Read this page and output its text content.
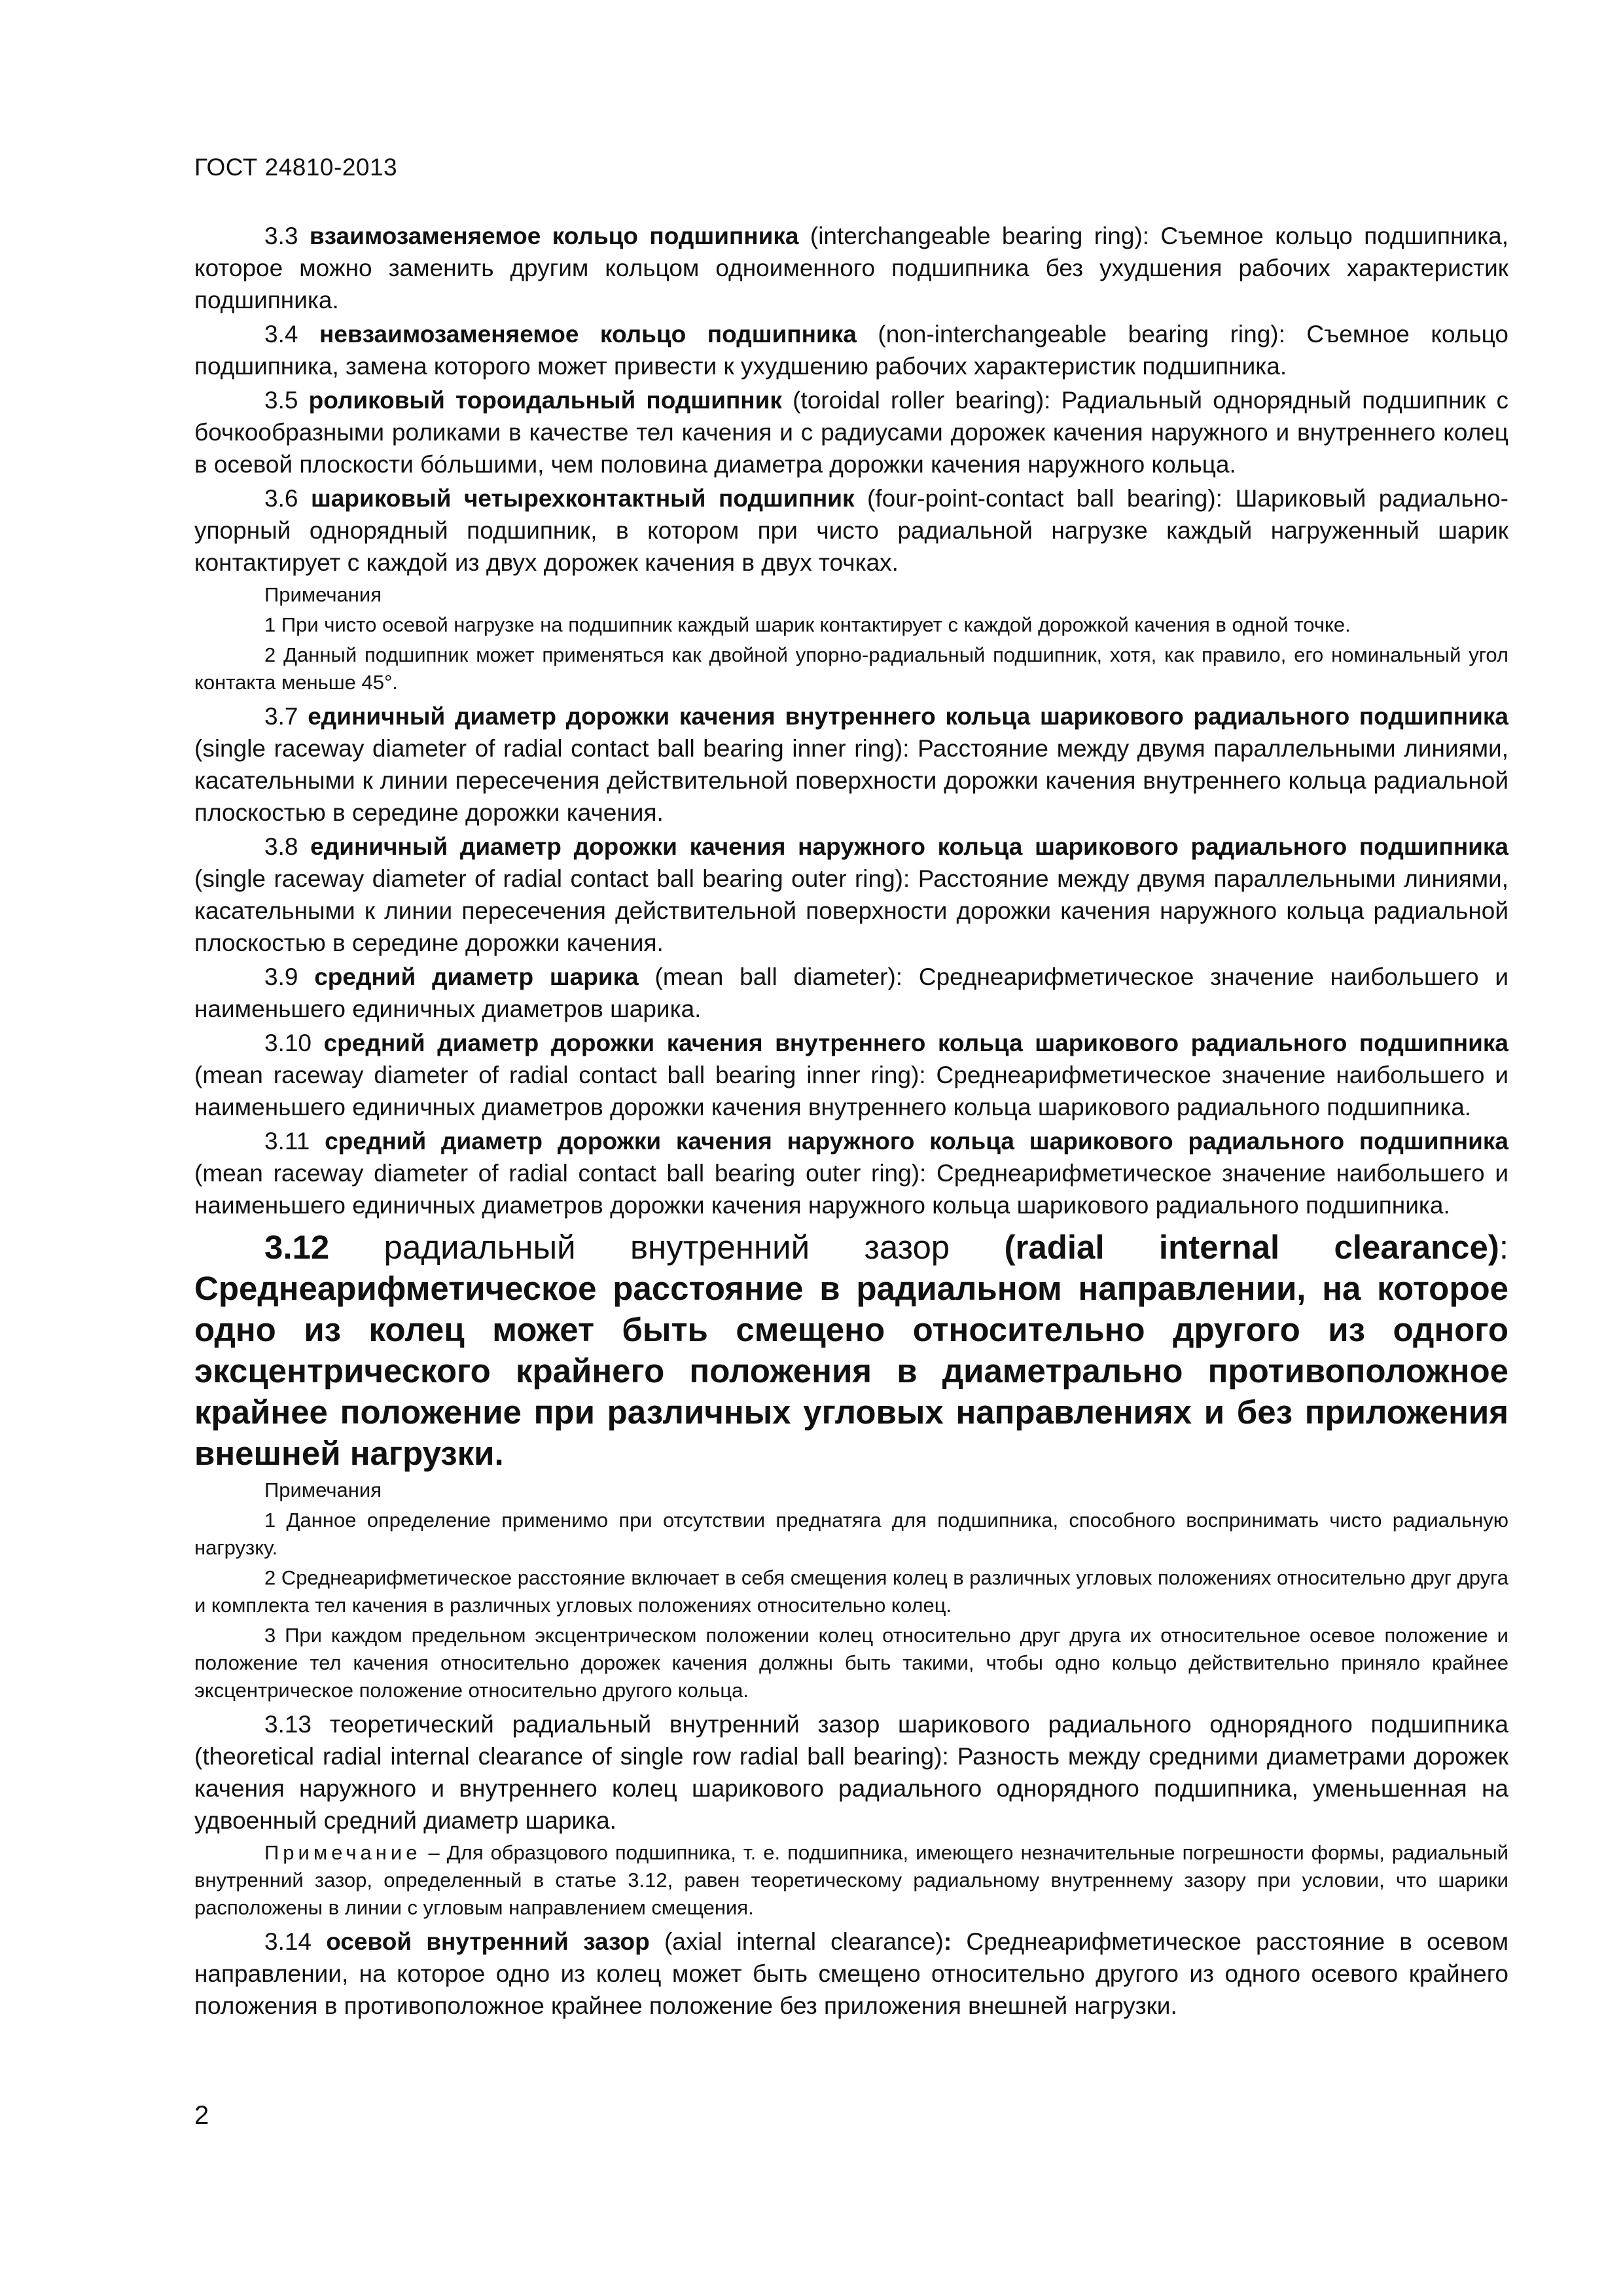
ГОСТ 24810-2013

3.3 взаимозаменяемое кольцо подшипника (interchangeable bearing ring): Съемное кольцо подшипника, которое можно заменить другим кольцом одноименного подшипника без ухудшения рабочих характеристик подшипника.

3.4 невзаимозаменяемое кольцо подшипника (non-interchangeable bearing ring): Съемное кольцо подшипника, замена которого может привести к ухудшению рабочих характеристик подшипника.

3.5 роликовый тороидальный подшипник (toroidal roller bearing): Радиальный однорядный подшипник с бочкообразными роликами в качестве тел качения и с радиусами дорожек качения наружного и внутреннего колец в осевой плоскости бо́льшими, чем половина диаметра дорожки качения наружного кольца.

3.6 шариковый четырехконтактный подшипник (four-point-contact ball bearing): Шариковый радиально-упорный однорядный подшипник, в котором при чисто радиальной нагрузке каждый нагруженный шарик контактирует с каждой из двух дорожек качения в двух точках.

Примечания

1 При чисто осевой нагрузке на подшипник каждый шарик контактирует с каждой дорожкой качения в одной точке.

2 Данный подшипник может применяться как двойной упорно-радиальный подшипник, хотя, как правило, его номинальный угол контакта меньше 45°.

3.7 единичный диаметр дорожки качения внутреннего кольца шарикового радиального подшипника (single raceway diameter of radial contact ball bearing inner ring): Расстояние между двумя параллельными линиями, касательными к линии пересечения действительной поверхности дорожки качения внутреннего кольца радиальной плоскостью в середине дорожки качения.

3.8 единичный диаметр дорожки качения наружного кольца шарикового радиального подшипника (single raceway diameter of radial contact ball bearing outer ring): Расстояние между двумя параллельными линиями, касательными к линии пересечения действительной поверхности дорожки качения наружного кольца радиальной плоскостью в середине дорожки качения.

3.9 средний диаметр шарика (mean ball diameter): Среднеарифметическое значение наибольшего и наименьшего единичных диаметров шарика.

3.10 средний диаметр дорожки качения внутреннего кольца шарикового радиального подшипника (mean raceway diameter of radial contact ball bearing inner ring): Среднеарифметическое значение наибольшего и наименьшего единичных диаметров дорожки качения внутреннего кольца шарикового радиального подшипника.

3.11 средний диаметр дорожки качения наружного кольца шарикового радиального подшипника (mean raceway diameter of radial contact ball bearing outer ring): Среднеарифметическое значение наибольшего и наименьшего единичных диаметров дорожки качения наружного кольца шарикового радиального подшипника.

3.12 радиальный внутренний зазор (radial internal clearance): Среднеарифметическое расстояние в радиальном направлении, на которое одно из колец может быть смещено относительно другого из одного эксцентрического крайнего положения в диаметрально противоположное крайнее положение при различных угловых направлениях и без приложения внешней нагрузки.

Примечания

1 Данное определение применимо при отсутствии преднатяга для подшипника, способного воспринимать чисто радиальную нагрузку.

2 Среднеарифметическое расстояние включает в себя смещения колец в различных угловых положениях относительно друг друга и комплекта тел качения в различных угловых положениях относительно колец.

3 При каждом предельном эксцентрическом положении колец относительно друг друга их относительное осевое положение и положение тел качения относительно дорожек качения должны быть такими, чтобы одно кольцо действительно приняло крайнее эксцентрическое положение относительно другого кольца.

3.13 теоретический радиальный внутренний зазор шарикового радиального однорядного подшипника (theoretical radial internal clearance of single row radial ball bearing): Разность между средними диаметрами дорожек качения наружного и внутреннего колец шарикового радиального однорядного подшипника, уменьшенная на удвоенный средний диаметр шарика.

Примечание – Для образцового подшипника, т. е. подшипника, имеющего незначительные погрешности формы, радиальный внутренний зазор, определенный в статье 3.12, равен теоретическому радиальному внутреннему зазору при условии, что шарики расположены в линии с угловым направлением смещения.

3.14 осевой внутренний зазор (axial internal clearance): Среднеарифметическое расстояние в осевом направлении, на которое одно из колец может быть смещено относительно другого из одного осевого крайнего положения в противоположное крайнее положение без приложения внешней нагрузки.

2
